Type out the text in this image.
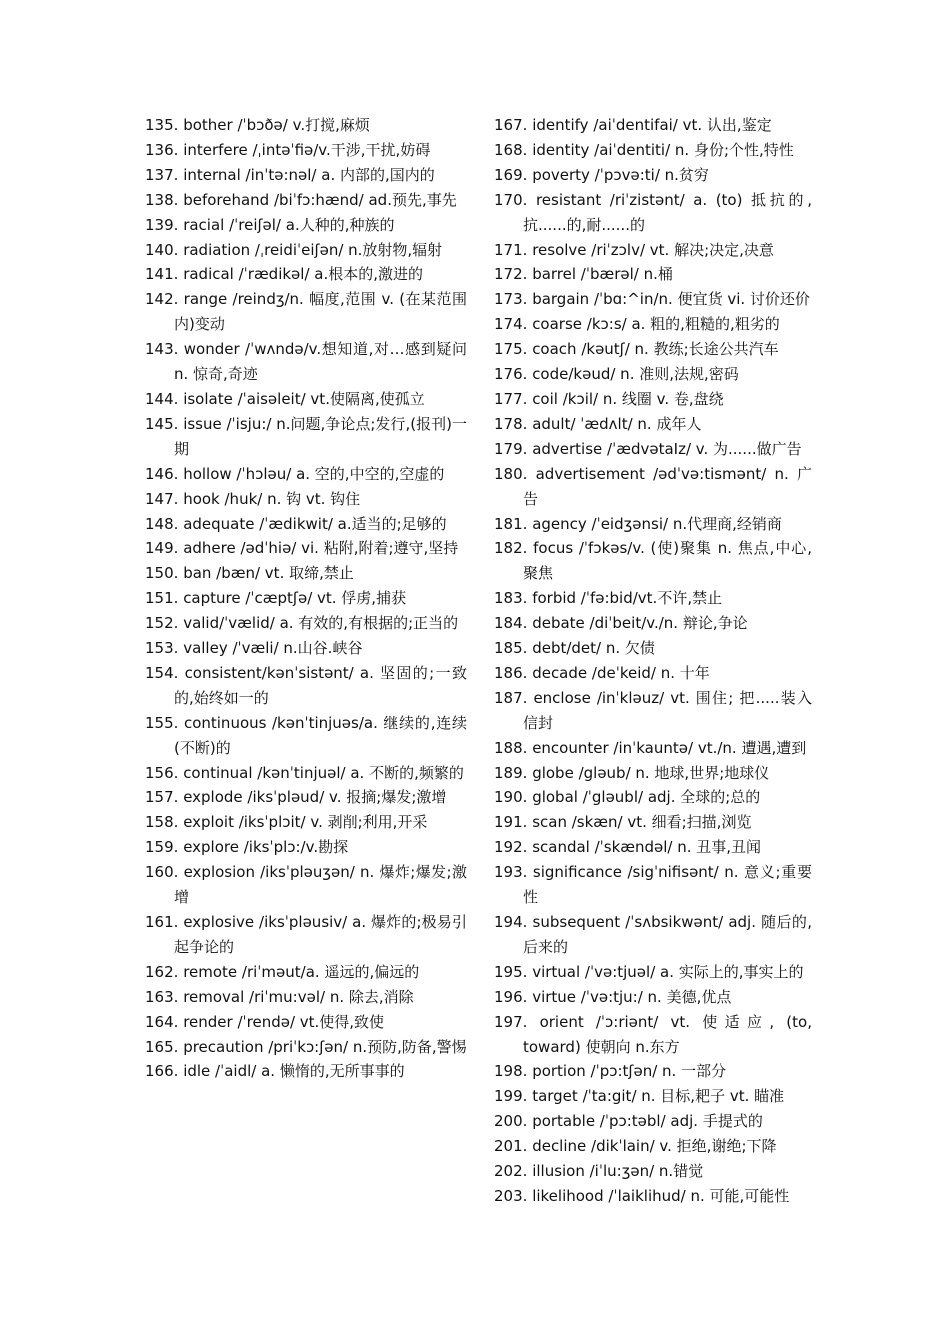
135. bother /ˈbɔðə/ v.打搅,麻烦
136. interfere /ˌintəˈfiə/v.干涉,干扰,妨碍
137. internal /inˈtə:nəl/ a. 内部的,国内的
138. beforehand /biˈfɔ:hænd/ ad.预先,事先
139. racial /ˈreiʃəl/ a.人种的,种族的
140. radiation /ˌreidiˈeiʃən/ n.放射物,辐射
141. radical /ˈrædikəl/ a.根本的,激进的
142. range /reindʒ/n. 幅度,范围 v. (在某范围内)变动
143. wonder /ˈwʌndə/v.想知道,对…感到疑问 n. 惊奇,奇迹
144. isolate /ˈaisəleit/ vt.使隔离,使孤立
145. issue /ˈisju:/ n.问题,争论点;发行,(报刊)一期
146. hollow /ˈhɔləu/ a. 空的,中空的,空虚的
147. hook /huk/ n. 钩 vt. 钩住
148. adequate /ˈædikwit/ a.适当的;足够的
149. adhere /ədˈhiə/ vi. 粘附,附着;遵守,坚持
150. ban /bæn/ vt. 取缔,禁止
151. capture /ˈcæptʃə/ vt. 俘虏,捕获
152. valid/ˈvælid/ a. 有效的,有根据的;正当的
153. valley /ˈvæli/ n.山谷.峡谷
154. consistent/kənˈsistənt/ a. 坚固的;一致的,始终如一的
155. continuous /kənˈtinjuəs/a. 继续的,连续(不断)的
156. continual /kənˈtinjuəl/ a. 不断的,频繁的
157. explode /iksˈpləud/ v. 报摘;爆发;激增
158. exploit /iksˈplɔit/ v. 剥削;利用,开采
159. explore /iksˈplɔ:/v.勘探
160. explosion /iksˈpləuʒən/ n. 爆炸;爆发;激增
161. explosive /iksˈpləusiv/ a. 爆炸的;极易引起争论的
162. remote /riˈməut/a. 遥远的,偏远的
163. removal /riˈmu:vəl/ n. 除去,消除
164. render /ˈrendə/ vt.使得,致使
165. precaution /priˈkɔ:ʃən/ n.预防,防备,警惕
166. idle /ˈaidl/ a. 懒惰的,无所事事的
167. identify /aiˈdentifai/ vt. 认出,鉴定
168. identity /aiˈdentiti/ n. 身份;个性,特性
169. poverty /ˈpɔvə:ti/ n.贫穷
170. resistant /riˈzistənt/ a. (to) 抵抗的,抗......的,耐......的
171. resolve /riˈzɔlv/ vt. 解决;决定,决意
172. barrel /ˈbærəl/ n.桶
173. bargain /ˈbɑ:^in/n. 便宜货 vi. 讨价还价
174. coarse /kɔ:s/ a. 粗的,粗糙的,粗劣的
175. coach /kəutʃ/ n. 教练;长途公共汽车
176. code/kəud/ n. 准则,法规,密码
177. coil /kɔil/ n. 线圈 v. 卷,盘绕
178. adult/ ˈædʌlt/ n. 成年人
179. advertise /ˈædvətaIz/ v. 为......做广告
180. advertisement /ədˈvə:tismənt/ n. 广告
181. agency /ˈeidʒənsi/ n.代理商,经销商
182. focus /ˈfɔkəs/v. (使)聚集 n. 焦点,中心,聚焦
183. forbid /ˈfə:bid/vt.不许,禁止
184. debate /diˈbeit/v./n. 辩论,争论
185. debt/det/ n. 欠债
186. decade /deˈkeid/ n. 十年
187. enclose /inˈkləuz/ vt. 围住; 把.....装入信封
188. encounter /inˈkauntə/ vt./n. 遭遇,遭到
189. globe /gləub/ n. 地球,世界;地球仪
190. global /ˈgləubl/ adj. 全球的;总的
191. scan /skæn/ vt. 细看;扫描,浏览
192. scandal /ˈskændəl/ n. 丑事,丑闻
193. significance /sigˈnifisənt/ n. 意义;重要性
194. subsequent /ˈsʌbsikwənt/ adj. 随后的,后来的
195. virtual /ˈvə:tjuəl/ a. 实际上的,事实上的
196. virtue /ˈvə:tju:/ n. 美德,优点
197. orient /ˈɔ:riənt/ vt. 使适应, (to, toward) 使朝向 n.东方
198. portion /ˈpɔ:tʃən/ n. 一部分
199. target /ˈta:git/ n. 目标,耙子 vt. 瞄准
200. portable /ˈpɔ:təbl/ adj. 手提式的
201. decline /dikˈlain/ v. 拒绝,谢绝;下降
202. illusion /iˈlu:ʒən/ n.错觉
203. likelihood /ˈlaiklihud/ n. 可能,可能性
